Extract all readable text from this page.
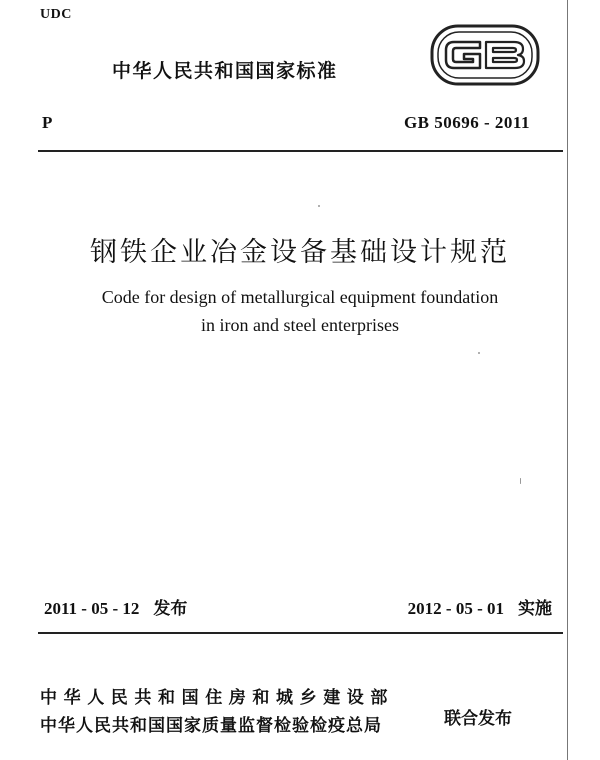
UDC
中华人民共和国国家标准
P	GB 50696 - 2011
钢铁企业冶金设备基础设计规范
Code for design of metallurgical equipment foundation
in iron and steel enterprises
2011 - 05 - 12 发布	2012 - 05 - 01 实施
中华人民共和国住房和城乡建设部
中华人民共和国国家质量监督检验检疫总局	联合发布
